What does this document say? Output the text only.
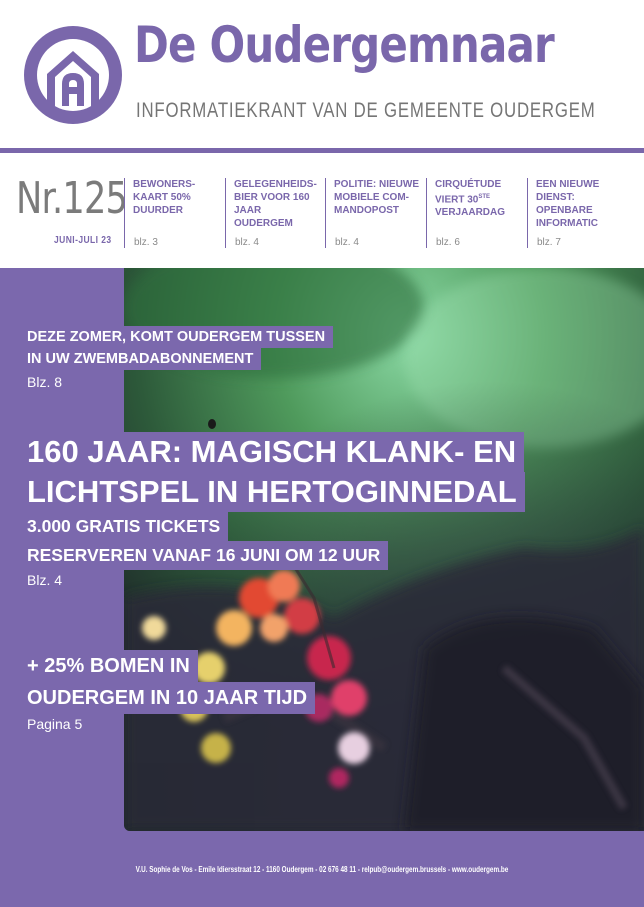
De Oudergemnaar
INFORMATIEKRANT VAN DE GEMEENTE OUDERGEM
Nr.125
JUNI-JULI 23
BEWONERS-KAART 50% DUURDER
blz. 3
GELEGENHEIDS-BIER VOOR 160 JAAR OUDERGEM
blz. 4
POLITIE: NIEUWE MOBIELE COM-MANDOPOST
blz. 4
CIRQUÉTUDE VIERT 30STE VERJAARDAG
blz. 6
EEN NIEUWE DIENST: OPENBARE INFORMATIC
blz. 7
DEZE ZOMER, KOMT OUDERGEM TUSSEN
IN UW ZWEMBADABONNEMENT
Blz. 8
160 JAAR: MAGISCH KLANK- EN
LICHTSPEL IN HERTOGINNEDAL
3.000 GRATIS TICKETS
RESERVEREN VANAF 16 JUNI OM 12 UUR
Blz. 4
+ 25% BOMEN IN
OUDERGEM IN 10 JAAR TIJD
Pagina 5
V.U. Sophie de Vos - Emile Idiersstraat 12 - 1160 Oudergem - 02 676 48 11 - relpub@oudergem.brussels - www.oudergem.be
